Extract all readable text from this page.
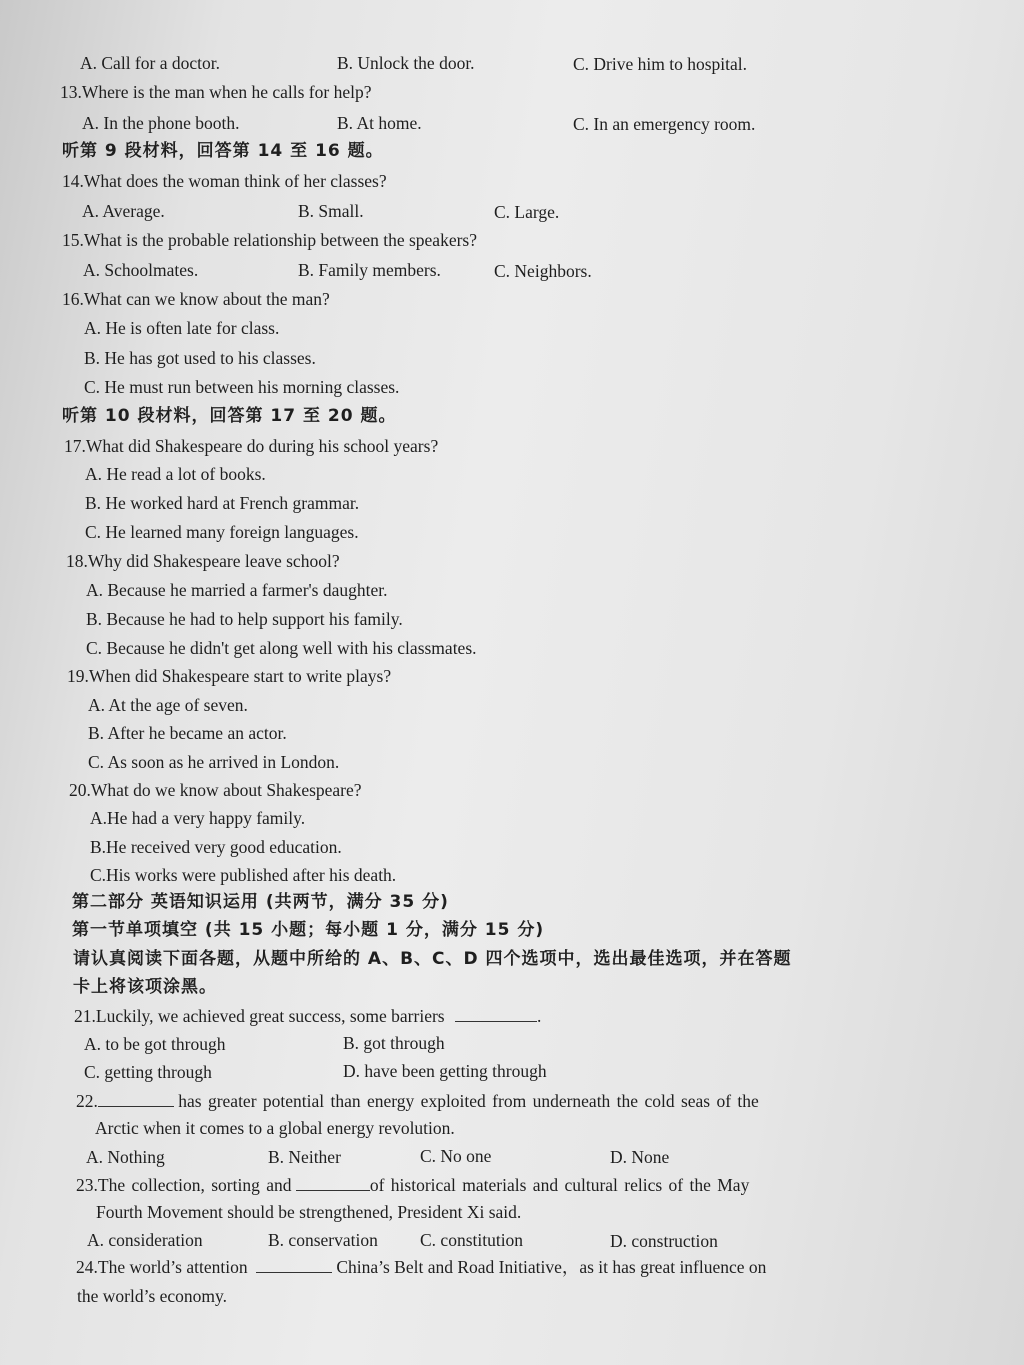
A. Call for a doctor.	B. Unlock the door.	C. Drive him to hospital.
13.Where is the man when he calls for help?
A. In the phone booth.	B. At home.	C. In an emergency room.
听第 9 段材料，回答第 14 至 16 题。
14.What does the woman think of her classes?
A. Average.	B. Small.	C. Large.
15.What is the probable relationship between the speakers?
A. Schoolmates.	B. Family members.	C. Neighbors.
16.What can we know about the man?
A. He is often late for class.
B. He has got used to his classes.
C. He must run between his morning classes.
听第 10 段材料，回答第 17 至 20 题。
17.What did Shakespeare do during his school years?
A. He read a lot of books.
B. He worked hard at French grammar.
C. He learned many foreign languages.
18.Why did Shakespeare leave school?
A. Because he married a farmer's daughter.
B. Because he had to help support his family.
C. Because he didn't get along well with his classmates.
19.When did Shakespeare start to write plays?
A. At the age of seven.
B. After he became an actor.
C. As soon as he arrived in London.
20.What do we know about Shakespeare?
A.He had a very happy family.
B.He received very good education.
C.His works were published after his death.
第二部分 英语知识运用 (共两节，满分 35 分)
第一节单项填空 (共 15 小题；每小题 1 分，满分 15 分)
请认真阅读下面各题，从题中所给的 A、B、C、D 四个选项中，选出最佳选项，并在答题
卡上将该项涂黑。
21.Luckily, we achieved great success, some barriers	.
A. to be got through	B. got through
C. getting through	D. have been getting through
22.	has greater potential than energy exploited from underneath the cold seas of the
Arctic when it comes to a global energy revolution.
A. Nothing	B. Neither	C. No one	D. None
23.The collection, sorting and	of historical materials and cultural relics of the May
Fourth Movement should be strengthened, President Xi said.
A. consideration	B. conservation C. constitution	D. construction
24.The world’s attention	China’s Belt and Road Initiative，as it has great influence on
the world’s economy.
